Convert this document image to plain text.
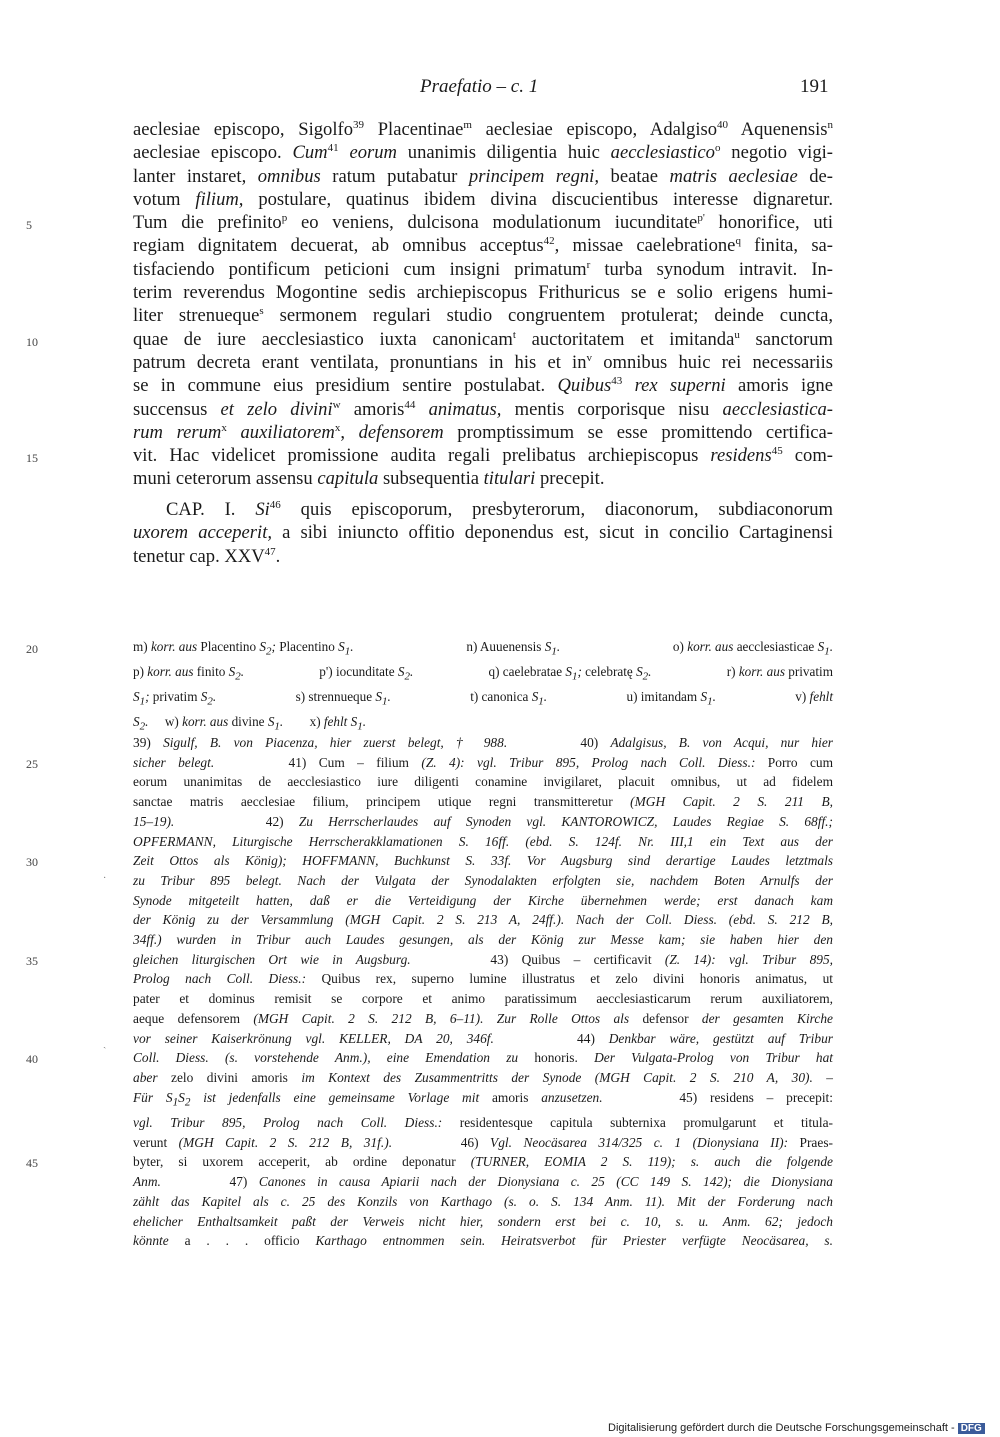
Praefatio – c. 1	191
aeclesiae episcopo, Sigolfo$^{39}$ Placentinae$^m$ aeclesiae episcopo, Adalgiso$^{40}$ Aquenensis$^n$
aeclesiae episcopo. Cum$^{41}$ eorum unanimis diligentia huic aecclesiastico$^o$ negotio vigi-
lanter instaret, omnibus ratum putabatur principem regni, beatae matris aeclesiae de-
votum filium, postulare, quatinus ibidem divina discucientibus interesse dignaretur.
5	Tum die prefinito$^p$ eo veniens, dulcisona modulationum iucunditate$^{p'}$ honorifice, uti
regiam dignitatem decuerat, ab omnibus acceptus$^{42}$, missae caelebratione$^q$ finita, sa-
tisfaciendo pontificum peticioni cum insigni primatum$^r$ turba synodum intravit. In-
terim reverendus Mogontine sedis archiepiscopus Frithuricus se e solio erigens humi-
liter strenueque$^s$ sermonem regulari studio congruentem protulerat; deinde cuncta,
10	quae de iure aecclesiastico iuxta canonicam$^t$ auctoritatem et imitanda$^u$ sanctorum
patrum decreta erant ventilata, pronuntians in his et $in^v$ omnibus huic rei necessariis
se in commune eius presidium sentire postulabat. Quibus$^{43}$ rex superni amoris igne
succensus et zelo divini$^w$ amoris$^{44}$ animatus, mentis corporisque nisu aecclesiastica-
rum rerum$^x$ auxiliatorem$^x$, defensorem promptissimum se esse promittendo certifica-
15	vit. Hac videlicet promissione audita regali prelibatus archiepiscopus residens$^{45}$ com-
muni ceterorum assensu capitula subsequentia titulari precepit.
CAP. I. Si$^{46}$ quis episcoporum, presbyterorum, diaconorum, subdiaconorum
uxorem acceperit, a sibi iniuncto offitio deponendus est, sicut in concilio Cartaginensi
tenetur cap. XXV$^{47}$.
20	m) korr. aus Placentino $S_2$; Placentino $S_1$.	n) Auuenensis $S_1$.	o) korr. aus aecclesiasticae $S_1$.
p) korr. aus finito $S_2$.	p') iocunditate $S_2$.	q) caelebratae $S_1$; celebratę $S_2$.	r) korr. aus privatim
$S_1$; privatim $S_2$.	s) strennueque $S_1$.	t) canonica $S_1$.	u) imitandam $S_1$.	v) fehlt
$S_2$.     w) korr. aus divine $S_1$.        x) fehlt $S_1$.
39) Sigulf, B. von Piacenza, hier zuerst belegt, † 988.      40) Adalgisus, B. von Acqui, nur hier
25	sicher belegt.      41) Cum – filium (Z. 4): vgl. Tribur 895, Prolog nach Coll. Diess.: Porro cum
eorum unanimitas de aecclesiastico iure diligenti conamine invigilaret, placuit omnibus, ut ad fidelem
sanctae matris aecclesiae filium, principem utique regni transmitteretur (MGH Capit. 2 S. 211 B,
15–19).      42) Zu Herrscherlaudes auf Synoden vgl. KANTOROWICZ, Laudes Regiae S. 68ff.;
OPFERMANN, Liturgische Herrscherakklamationen S. 16ff. (ebd. S. 124f. Nr. III,1 ein Text aus der
30	Zeit Ottos als König); HOFFMANN, Buchkunst S. 33f. Vor Augsburg sind derartige Laudes letztmals
zu Tribur 895 belegt. Nach der Vulgata der Synodalakten erfolgten sie, nachdem Boten Arnulfs der
Synode mitgeteilt hatten, daß er die Verteidigung der Kirche übernehmen werde; erst danach kam
der König zu der Versammlung (MGH Capit. 2 S. 213 A, 24ff.). Nach der Coll. Diess. (ebd. S. 212 B,
34ff.) wurden in Tribur auch Laudes gesungen, als der König zur Messe kam; sie haben hier den
35	gleichen liturgischen Ort wie in Augsburg.      43) Quibus – certificavit (Z. 14): vgl. Tribur 895,
Prolog nach Coll. Diess.: Quibus rex, superno lumine illustratus et zelo divini honoris animatus, ut
pater et dominus remisit se corpore et animo paratissimum aecclesiasticarum rerum auxiliatorem,
aeque defensorem (MGH Capit. 2 S. 212 B, 6–11). Zur Rolle Ottos als defensor der gesamten Kirche
vor seiner Kaiserkrönung vgl. KELLER, DA 20, 346f.      44) Denkbar wäre, gestützt auf Tribur
40	Coll. Diess. (s. vorstehende Anm.), eine Emendation zu honoris. Der Vulgata-Prolog von Tribur hat
aber zelo divini amoris im Kontext des Zusammentritts der Synode (MGH Capit. 2 S. 210 A, 30). –
Für $S_1S_2$ ist jedenfalls eine gemeinsame Vorlage mit amoris anzusetzen.      45) residens – precepit:
vgl. Tribur 895, Prolog nach Coll. Diess.: residentesque capitula subternixa promulgarunt et titula-
verunt (MGH Capit. 2 S. 212 B, 31f.).      46) Vgl. Neocäsarea 314/325 c. 1 (Dionysiana II): Praes-
45	byter, si uxorem acceperit, ab ordine deponatur (TURNER, EOMIA 2 S. 119); s. auch die folgende
Anm.      47) Canones in causa Apiarii nach der Dionysiana c. 25 (CC 149 S. 142); die Dionysiana
zählt das Kapitel als c. 25 des Konzils von Karthago (s. o. S. 134 Anm. 11). Mit der Forderung nach
ehelicher Enthaltsamkeit paßt der Verweis nicht hier, sondern erst bei c. 10, s. u. Anm. 62; jedoch
könnte a . . . officio Karthago entnommen sein. Heiratsverbot für Priester verfügte Neocäsarea, s.
·
ˎ
Digitalisierung gefördert durch die Deutsche Forschungsgemeinschaft - DFG
